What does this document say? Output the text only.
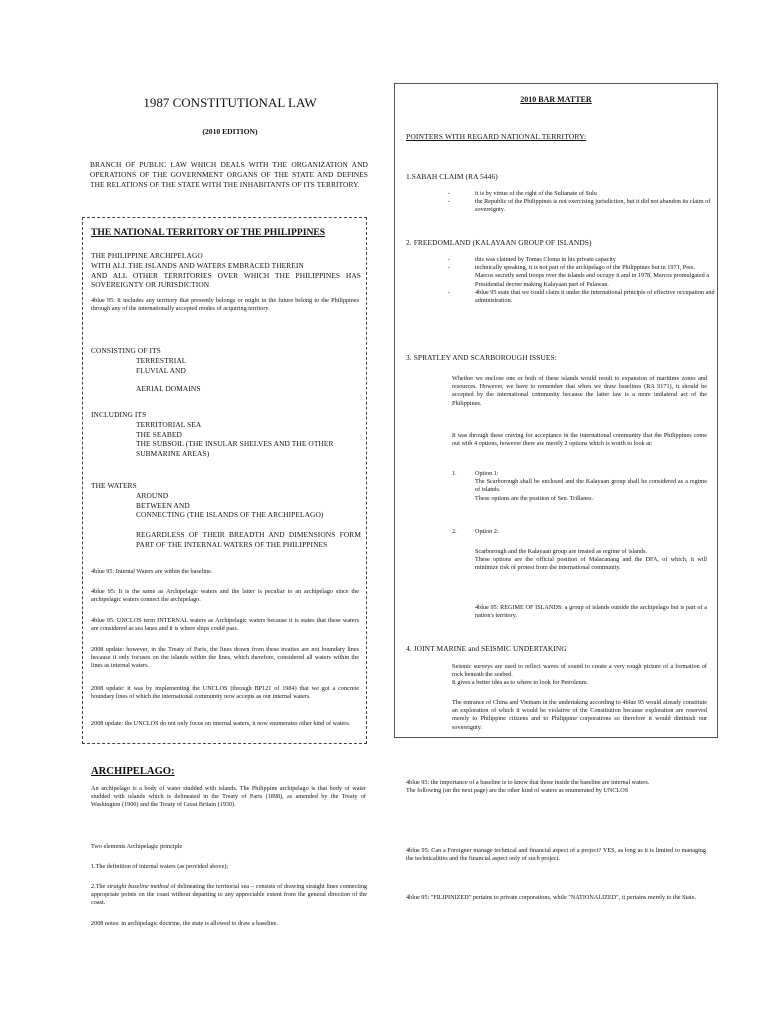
1987 CONSTITUTIONAL LAW
(2010 EDITION)

BRANCH OF PUBLIC LAW WHICH DEALS WITH THE ORGANIZATION AND OPERATIONS OF THE GOVERNMENT ORGANS OF THE STATE AND DEFINES THE RELATIONS OF THE STATE WITH THE INHABITANTS OF ITS TERRITORY.

THE NATIONAL TERRITORY OF THE PHILIPPINES

THE PHILIPPINE ARCHIPELAGO

WITH ALL THE ISLANDS AND WATERS EMBRACED THEREIN

AND ALL OTHER TERRITORIES OVER WHICH THE PHILIPPINES HAS SOVEREIGNTY OR JURISDICTION

4blue 95: It includes any territory that presently belongs or might in the future belong to the Philippines through any of the internationally accepted modes of acquiring territory.

CONSISTING OF ITS

TERRESTRIAL

FLUVIAL AND

AERIAL DOMAINS

INCLUDING ITS

TERRITORIAL SEA

THE SEABED

THE SUBSOIL (THE INSULAR SHELVES AND THE OTHER SUBMARINE AREAS)

THE WATERS

AROUND

BETWEEN AND

CONNECTING (THE ISLANDS OF THE ARCHIPELAGO)

REGARDLESS OF THEIR BREADTH AND DIMENSIONS FORM PART OF THE INTERNAL WATERS OF THE PHILIPPINES

4blue 95: Internal Waters are within the baseline.

4blue 95: It is the same as Archipelagic waters and the latter is peculiar to an archipelago since the archipelagic waters connect the archipelago.

4blue 95: UNCLOS term INTERNAL waters as Archipelagic waters because it is states that these waters are considered as sea lanes and it is where ships could pass.

2008 update: however, in the Treaty of Paris, the lines drawn from these treaties are not boundary lines because it only focuses on the islands within the lines, which therefore, considered all waters within the lines as internal waters.

2008 update: it was by implementing the UNCLOS (through BP121 of 1984) that we got a concrete boundary lines of which the international community now accepts as our internal waters.

2008 update: the UNCLOS do not only focus on internal waters, it now enumerates other kind of waters.

ARCHIPELAGO:

An archipelago is a body of water studded with islands. The Philippine archipelago is that body of water studded with islands which is delineated in the Treaty of Paris (1898), as amended by the Treaty of Washington (1900) and the Treaty of Great Britain (1930).

Two elements Archipelagic principle

1.The definition of internal waters (as provided above);

2.The straight baseline method of delineating the territorial sea – consists of drawing straight lines connecting appropriate points on the coast without departing to any appreciable extent from the general direction of the coast.

2008 notes: in archipelagic doctrine, the state is allowed to draw a baseline.

2010 BAR MATTER
POINTERS WITH REGARD NATIONAL TERRITORY:
1.SABAH CLAIM (RA 5446)
- it is by virtue of the right of the Sultanate of Sulu
- the Republic of the Philippines is not exercising jurisdiction, but it did not abandon its claim of sovereignty.
2. FREEDOMLAND (KALAYAAN GROUP OF ISLANDS)
- this was claimed by Tomas Cloma in his private capacity
- technically speaking, it is not part of the archipelago of the Philippines but in 1971, Pres. Marcos secretly send troops over the islands and occupy it and in 1978, Marcos promulgated a Presidential decree making Kalayaan part of Palawan.
- 4blue 95 state that we could claim it under the international principle of effective occupation and administration.
3. SPRATLEY AND SCARBOROUGH ISSUES:

Whether we enclose one or both of these islands would result to expansion of maritime zones and resources. However, we have to remember that when we draw baselines (RA 9171), it should be accepted by the international community because the latter law is a more unilateral act of the Philippines.

It was through these craving for acceptance in the international community that the Philippines come out with 4 options, however there are merely 2 options which is worth to look at:

1.	Option 1:

The Scarborough shall be enclosed and the Kalayaan group shall be considered as a regime of islands.

These options are the position of Sen. Trillanes.

2.	Option 2:

Scarborough and the Kalayaan group are treated as regime of islands.

These options are the official position of Malacanang and the DFA, of which, it will minimize risk of protest from the international community.

4blue 95: REGIME OF ISLANDS: a group of islands outside the archipelago but is part of a nation's territory.

4. JOINT MARINE and SEISMIC UNDERTAKING

Seismic surveys are used to reflect waves of sound to create a very rough picture of a formation of rock beneath the seabed.

It gives a better idea as to where to look for Petroleum.

The entrance of China and Vietnam in the undertaking according to 4blue 95 would already constitute an exploration of which it would be violative of the Constitution because exploration are reserved merely to Philippine citizens and to Philippine corporations so therefore it would diminish our sovereignty.

4blue 95: the importance of a baseline is to know that those inside the baseline are internal waters.

The following (on the next page) are the other kind of waters as enumerated by UNCLOS

4blue 95: Can a Foreigner manage technical and financial aspect of a project? YES, as long as it is limited to managing the technicalities and the financial aspect only of such project.

4blue 95: "FILIPINIZED" pertains to private corporations, while "NATIONALIZED", it pertains merely to the State.
